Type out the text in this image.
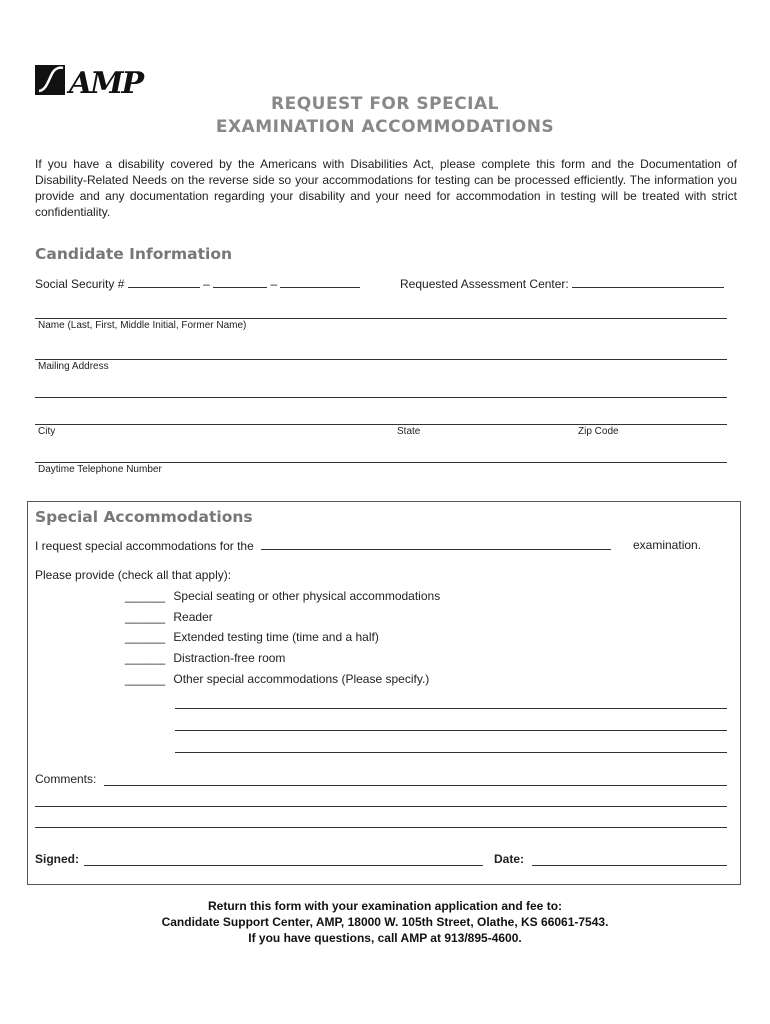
AMP
REQUEST FOR SPECIAL
EXAMINATION ACCOMMODATIONS
If you have a disability covered by the Americans with Disabilities Act, please complete this form and the Documentation of Disability-Related Needs on the reverse side so your accommodations for testing can be processed efficiently. The information you provide and any documentation regarding your disability and your need for accommodation in testing will be treated with strict confidentiality.
Candidate Information
Social Security #	–	–	Requested Assessment Center:
Name (Last, First, Middle Initial, Former Name)
Mailing Address
City	State	Zip Code
Daytime Telephone Number
Special Accommodations
I request special accommodations for the	examination.
Please provide (check all that apply):
______ Special seating or other physical accommodations
______ Reader
______ Extended testing time (time and a half)
______ Distraction-free room
______ Other special accommodations (Please specify.)
Comments:
Signed:	Date:
Return this form with your examination application and fee to:
Candidate Support Center, AMP, 18000 W. 105th Street, Olathe, KS 66061-7543.
If you have questions, call AMP at 913/895-4600.
